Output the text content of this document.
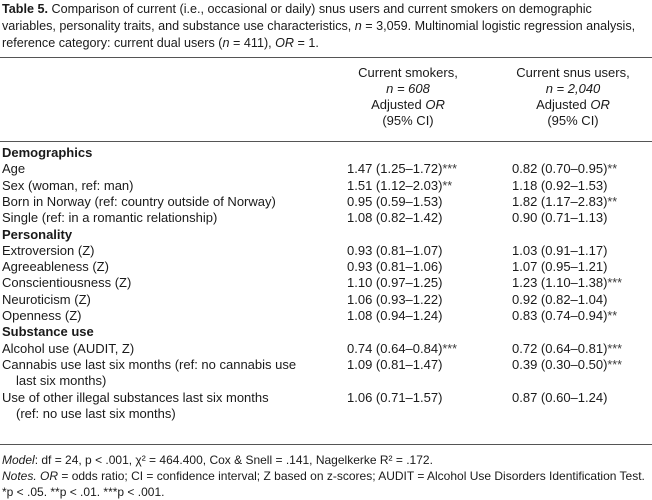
Table 5. Comparison of current (i.e., occasional or daily) snus users and current smokers on demographic variables, personality traits, and substance use characteristics, n = 3,059. Multinomial logistic regression analysis, reference category: current dual users (n = 411), OR = 1.
Current smokers,
n = 608
Adjusted OR
(95% CI)
Current snus users,
n = 2,040
Adjusted OR
(95% CI)
Demographics
Age	1.47 (1.25–1.72)***	0.82 (0.70–0.95)**
Sex (woman, ref: man)	1.51 (1.12–2.03)**	1.18 (0.92–1.53)
Born in Norway (ref: country outside of Norway)	0.95 (0.59–1.53)	1.82 (1.17–2.83)**
Single (ref: in a romantic relationship)	1.08 (0.82–1.42)	0.90 (0.71–1.13)
Personality
Extroversion (Z)	0.93 (0.81–1.07)	1.03 (0.91–1.17)
Agreeableness (Z)	0.93 (0.81–1.06)	1.07 (0.95–1.21)
Conscientiousness (Z)	1.10 (0.97–1.25)	1.23 (1.10–1.38)***
Neuroticism (Z)	1.06 (0.93–1.22)	0.92 (0.82–1.04)
Openness (Z)	1.08 (0.94–1.24)	0.83 (0.74–0.94)**
Substance use
Alcohol use (AUDIT, Z)	0.74 (0.64–0.84)***	0.72 (0.64–0.81)***
Cannabis use last six months (ref: no cannabis use
last six months)
1.09 (0.81–1.47)	0.39 (0.30–0.50)***
Use of other illegal substances last six months
(ref: no use last six months)
1.06 (0.71–1.57)	0.87 (0.60–1.24)
Model: df = 24, p < .001, χ² = 464.400, Cox & Snell = .141, Nagelkerke R² = .172.
Notes. OR = odds ratio; CI = confidence interval; Z based on z-scores; AUDIT = Alcohol Use Disorders Identification Test.
*p < .05. **p < .01. ***p < .001.
